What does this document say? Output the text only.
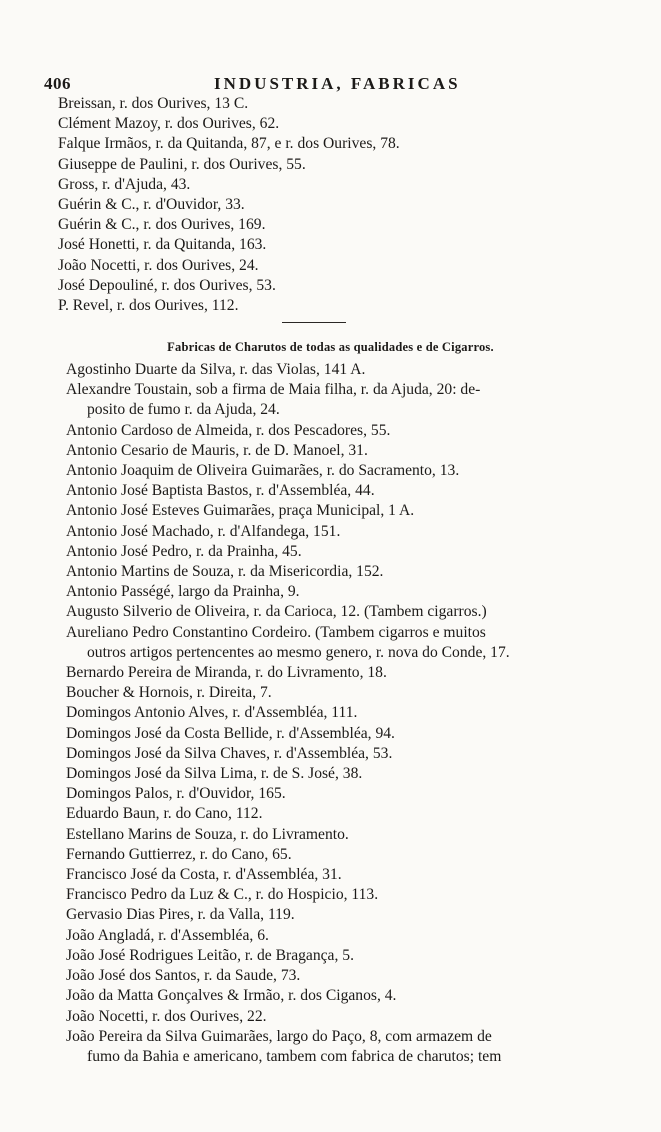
406	INDUSTRIA, FABRICAS
Breissan, r. dos Ourives, 13 C.
Clément Mazoy, r. dos Ourives, 62.
Falque Irmãos, r. da Quitanda, 87, e r. dos Ourives, 78.
Giuseppe de Paulini, r. dos Ourives, 55.
Gross, r. d'Ajuda, 43.
Guérin & C., r. d'Ouvidor, 33.
Guérin & C., r. dos Ourives, 169.
José Honetti, r. da Quitanda, 163.
João Nocetti, r. dos Ourives, 24.
José Depouliné, r. dos Ourives, 53.
P. Revel, r. dos Ourives, 112.
Fabricas de Charutos de todas as qualidades e de Cigarros.
Agostinho Duarte da Silva, r. das Violas, 141 A.
Alexandre Toustain, sob a firma de Maia filha, r. da Ajuda, 20: de-
posito de fumo r. da Ajuda, 24.
Antonio Cardoso de Almeida, r. dos Pescadores, 55.
Antonio Cesario de Mauris, r. de D. Manoel, 31.
Antonio Joaquim de Oliveira Guimarães, r. do Sacramento, 13.
Antonio José Baptista Bastos, r. d'Assembléa, 44.
Antonio José Esteves Guimarães, praça Municipal, 1 A.
Antonio José Machado, r. d'Alfandega, 151.
Antonio José Pedro, r. da Prainha, 45.
Antonio Martins de Souza, r. da Misericordia, 152.
Antonio Passégé, largo da Prainha, 9.
Augusto Silverio de Oliveira, r. da Carioca, 12. (Tambem cigarros.)
Aureliano Pedro Constantino Cordeiro. (Tambem cigarros e muitos
outros artigos pertencentes ao mesmo genero, r. nova do Conde, 17.
Bernardo Pereira de Miranda, r. do Livramento, 18.
Boucher & Hornois, r. Direita, 7.
Domingos Antonio Alves, r. d'Assembléa, 111.
Domingos José da Costa Bellide, r. d'Assembléa, 94.
Domingos José da Silva Chaves, r. d'Assembléa, 53.
Domingos José da Silva Lima, r. de S. José, 38.
Domingos Palos, r. d'Ouvidor, 165.
Eduardo Baun, r. do Cano, 112.
Estellano Marins de Souza, r. do Livramento.
Fernando Guttierrez, r. do Cano, 65.
Francisco José da Costa, r. d'Assembléa, 31.
Francisco Pedro da Luz & C., r. do Hospicio, 113.
Gervasio Dias Pires, r. da Valla, 119.
João Angladá, r. d'Assembléa, 6.
João José Rodrigues Leitão, r. de Bragança, 5.
João José dos Santos, r. da Saude, 73.
João da Matta Gonçalves & Irmão, r. dos Ciganos, 4.
João Nocetti, r. dos Ourives, 22.
João Pereira da Silva Guimarães, largo do Paço, 8, com armazem de
fumo da Bahia e americano, tambem com fabrica de charutos; tem
